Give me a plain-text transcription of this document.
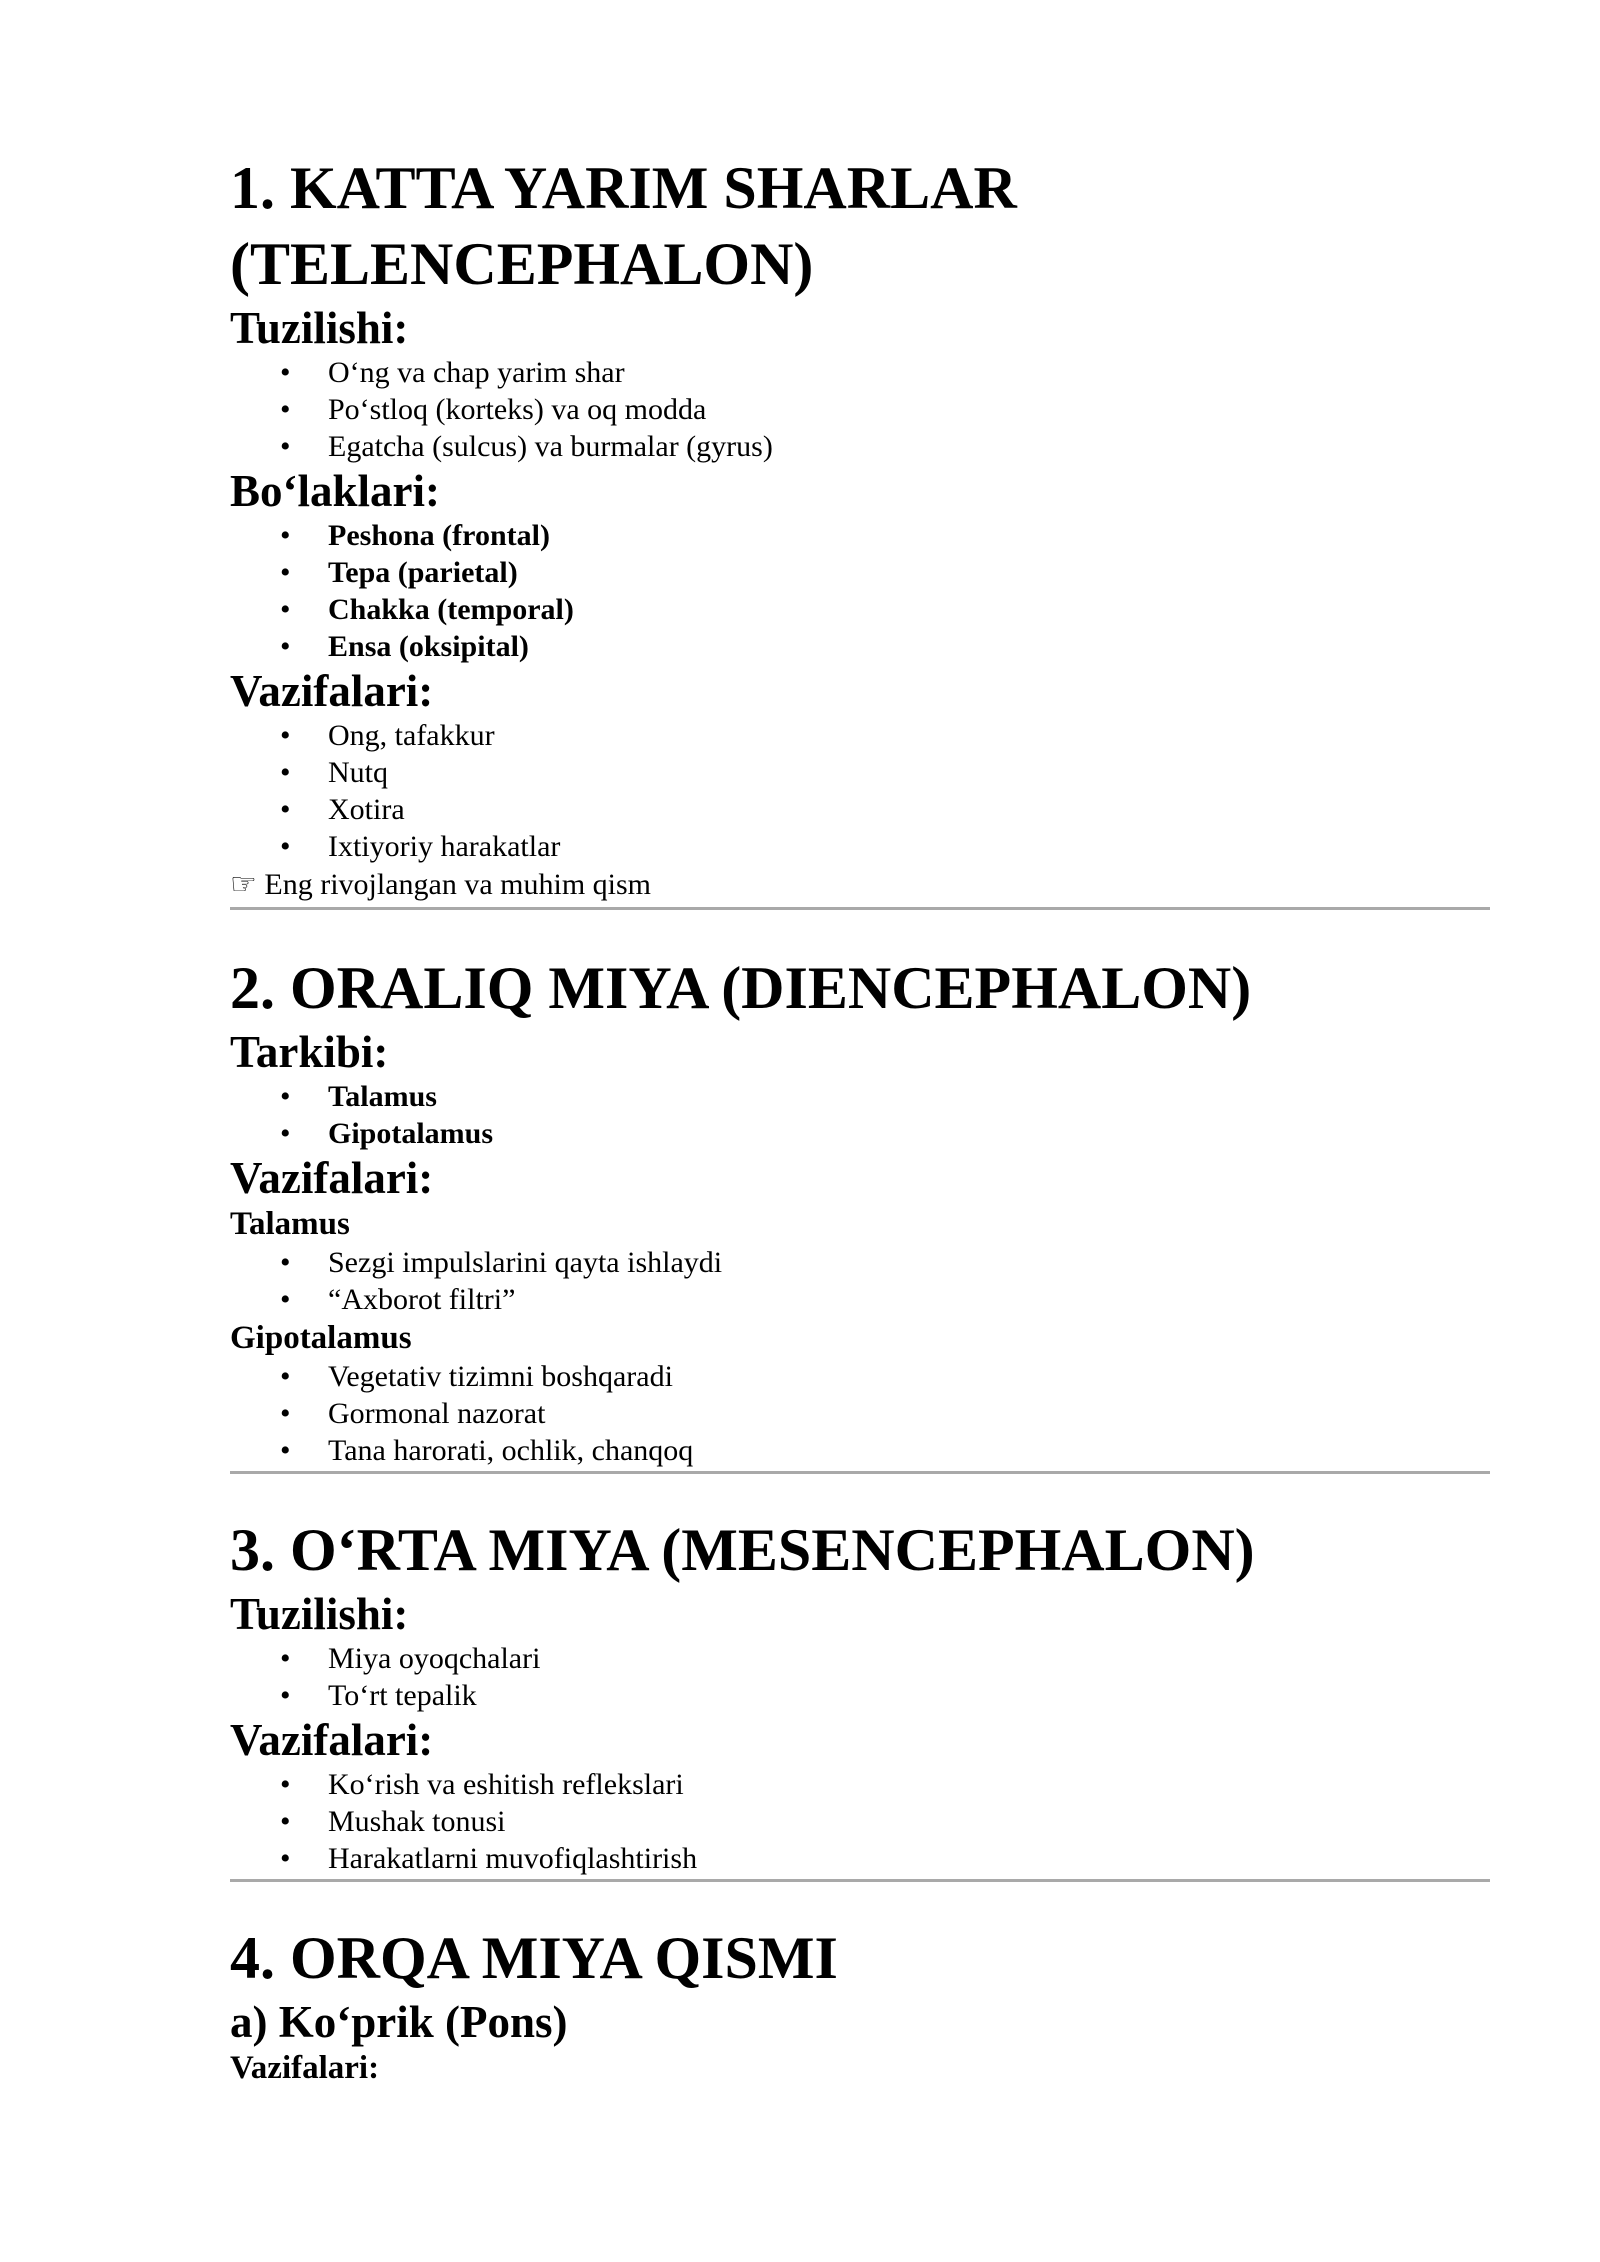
1. KATTA YARIM SHARLAR
(TELENCEPHALON)
Tuzilishi:
• O‘ng va chap yarim shar
• Po‘stloq (korteks) va oq modda
• Egatcha (sulcus) va burmalar (gyrus)
Bo‘laklari:
• Peshona (frontal)
• Tepa (parietal)
• Chakka (temporal)
• Ensa (oksipital)
Vazifalari:
• Ong, tafakkur
• Nutq
• Xotira
• Ixtiyoriy harakatlar
☞ Eng rivojlangan va muhim qism
2. ORALIQ MIYA (DIENCEPHALON)
Tarkibi:
• Talamus
• Gipotalamus
Vazifalari:
Talamus
• Sezgi impulslarini qayta ishlaydi
• “Axborot filtri”
Gipotalamus
• Vegetativ tizimni boshqaradi
• Gormonal nazorat
• Tana harorati, ochlik, chanqoq
3. O‘RTA MIYA (MESENCEPHALON)
Tuzilishi:
• Miya oyoqchalari
• To‘rt tepalik
Vazifalari:
• Ko‘rish va eshitish reflekslari
• Mushak tonusi
• Harakatlarni muvofiqlashtirish
4. ORQA MIYA QISMI
a) Ko‘prik (Pons)
Vazifalari:
